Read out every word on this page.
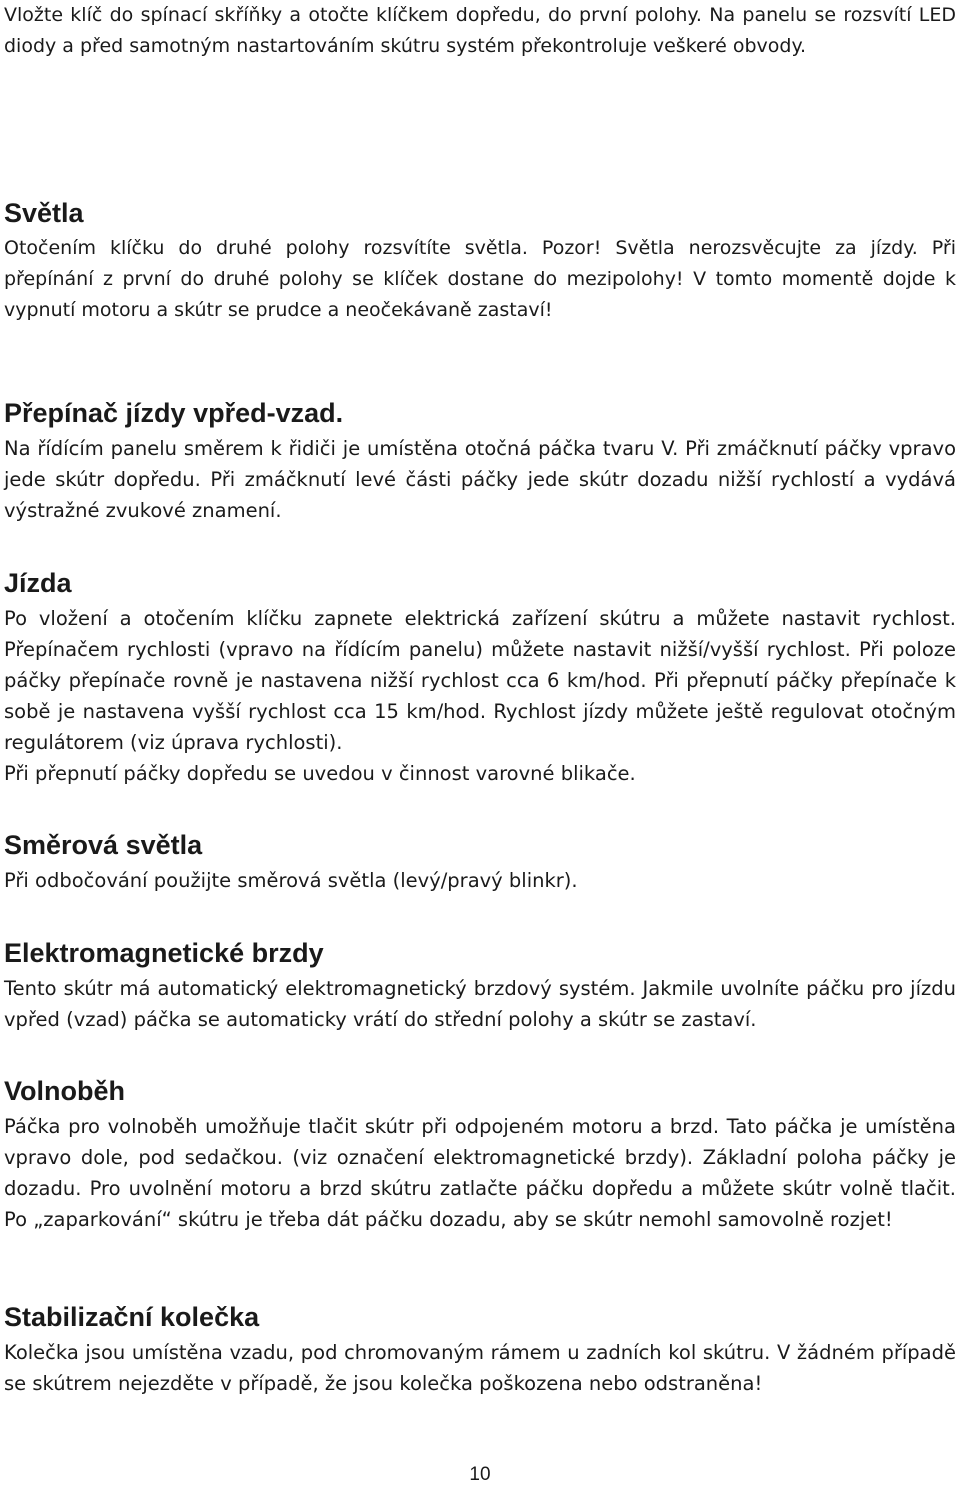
Vložte klíč do spínací skříňky a otočte klíčkem dopředu, do první polohy. Na panelu se rozsvítí LED diody a před samotným nastartováním skútru systém překontroluje veškeré obvody.

Světla

Otočením klíčku do druhé polohy rozsvítíte světla. Pozor! Světla nerozsvěcujte za jízdy. Při přepínání z první do druhé polohy se klíček dostane do mezipolohy! V tomto momentě dojde k vypnutí motoru a skútr se prudce a neočekávaně zastaví!

Přepínač jízdy vpřed-vzad.

Na řídícím panelu směrem k řidiči je umístěna otočná páčka tvaru V. Při zmáčknutí páčky vpravo jede skútr dopředu. Při zmáčknutí levé části páčky jede skútr dozadu nižší rychlostí a vydává výstražné zvukové znamení.

Jízda

Po vložení a otočením klíčku zapnete elektrická zařízení skútru a můžete nastavit rychlost. Přepínačem rychlosti (vpravo na řídícím panelu) můžete nastavit nižší/vyšší rychlost. Při poloze páčky přepínače rovně je nastavena nižší rychlost cca 6 km/hod. Při přepnutí páčky přepínače k sobě je nastavena vyšší rychlost cca 15 km/hod. Rychlost jízdy můžete ještě regulovat otočným regulátorem (viz úprava rychlosti).

Při přepnutí páčky dopředu se uvedou v činnost varovné blikače.

Směrová světla

Při odbočování použijte směrová světla (levý/pravý blinkr).

Elektromagnetické brzdy

Tento skútr má automatický elektromagnetický brzdový systém. Jakmile uvolníte páčku pro jízdu vpřed (vzad) páčka se automaticky vrátí do střední polohy a skútr se zastaví.

Volnoběh

Páčka pro volnoběh umožňuje tlačit skútr při odpojeném motoru a brzd. Tato páčka je umístěna vpravo dole, pod sedačkou. (viz označení elektromagnetické brzdy). Základní poloha páčky je dozadu. Pro uvolnění motoru a brzd skútru zatlačte páčku dopředu a můžete skútr volně tlačit. Po „zaparkování“ skútru je třeba dát páčku dozadu, aby se skútr nemohl samovolně rozjet!

Stabilizační kolečka

Kolečka jsou umístěna vzadu, pod chromovaným rámem u zadních kol skútru. V žádném případě se skútrem nejezděte v případě, že jsou kolečka poškozena nebo odstraněna!

10
